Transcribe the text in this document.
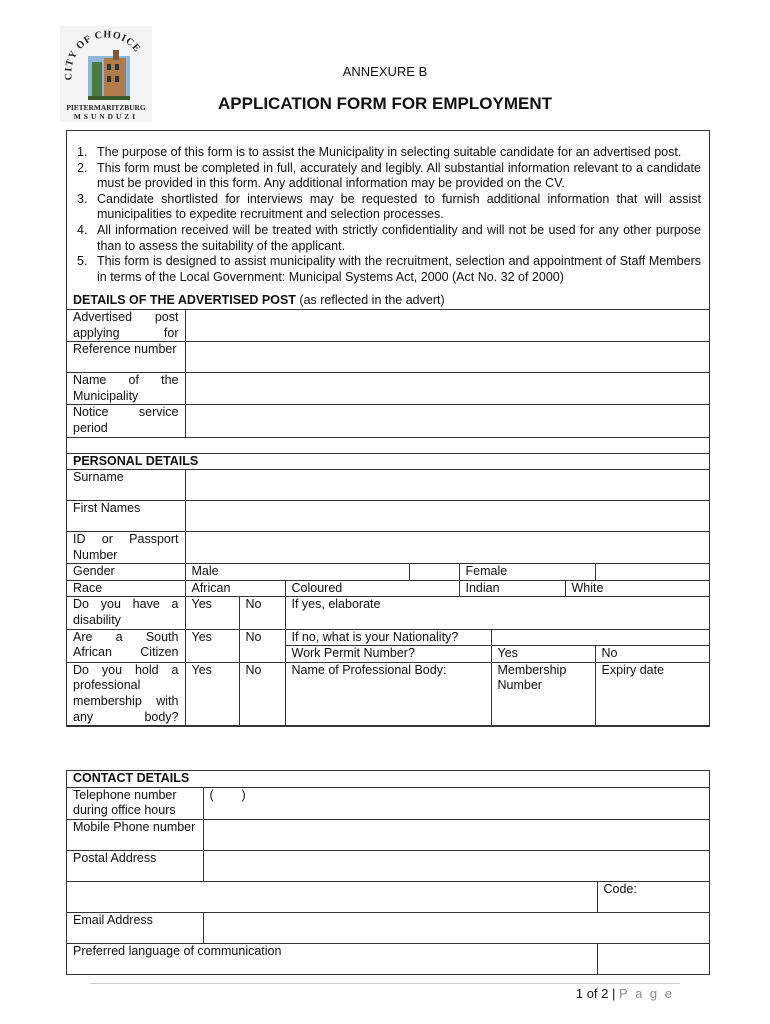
CITY OF CHOICE
PIETERMARITZBURG
MSUNDUZI
ANNEXURE B
APPLICATION FORM FOR EMPLOYMENT
1. The purpose of this form is to assist the Municipality in selecting suitable candidate for an advertised post.
2. This form must be completed in full, accurately and legibly. All substantial information relevant to a candidate must be provided in this form. Any additional information may be provided on the CV.
3. Candidate shortlisted for interviews may be requested to furnish additional information that will assist municipalities to expedite recruitment and selection processes.
4. All information received will be treated with strictly confidentiality and will not be used for any other purpose than to assess the suitability of the applicant.
5. This form is designed to assist municipality with the recruitment, selection and appointment of Staff Members in terms of the Local Government: Municipal Systems Act, 2000 (Act No. 32 of 2000)
DETAILS OF THE ADVERTISED POST (as reflected in the advert)	
Advertised post applying for	
Reference number	
Name of the Municipality	
Notice service period	

PERSONAL DETAILS								
Surname								
First Names								
ID or Passport Number								
Gender	Male				Female			
Race	African		Coloured		Indian		White	
Do you have a disability	Yes	No	If yes, elaborate					
Are a South African Citizen	Yes	No	If no, what is your Nationality?					
			Work Permit Number?			Yes		No
Do you hold a professional membership with any body?	Yes	No	Name of Professional Body:			Membership Number		Expiry date
CONTACT DETAILS		
Telephone number during office hours	(        )	
Mobile Phone number		
Postal Address		
		Code:
Email Address		
Preferred language of communication		
1 of 2 | P a g e
